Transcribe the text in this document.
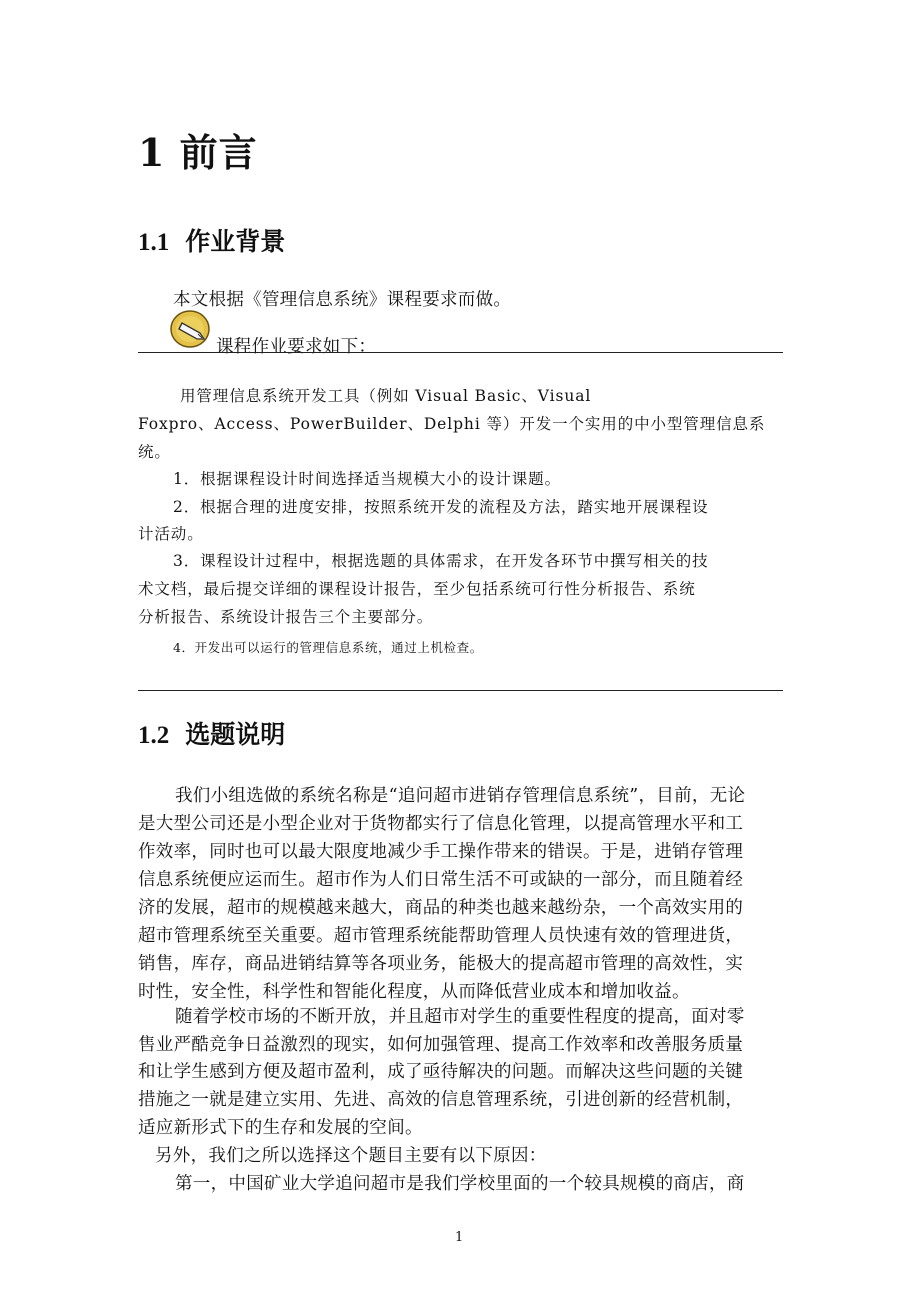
1 前言
1.1 作业背景
本文根据《管理信息系统》课程要求而做。
课程作业要求如下：
用管理信息系统开发工具（例如 Visual Basic、Visual
Foxpro、Access、PowerBuilder、Delphi 等）开发一个实用的中小型管理信息系
统。
1．根据课程设计时间选择适当规模大小的设计课题。
2．根据合理的进度安排，按照系统开发的流程及方法，踏实地开展课程设
计活动。
3．课程设计过程中，根据选题的具体需求，在开发各环节中撰写相关的技
术文档，最后提交详细的课程设计报告，至少包括系统可行性分析报告、系统
分析报告、系统设计报告三个主要部分。
4．开发出可以运行的管理信息系统，通过上机检查。
1.2 选题说明
我们小组选做的系统名称是“追问超市进销存管理信息系统”，目前，无论
是大型公司还是小型企业对于货物都实行了信息化管理，以提高管理水平和工
作效率，同时也可以最大限度地减少手工操作带来的错误。于是，进销存管理
信息系统便应运而生。超市作为人们日常生活不可或缺的一部分，而且随着经
济的发展，超市的规模越来越大，商品的种类也越来越纷杂，一个高效实用的
超市管理系统至关重要。超市管理系统能帮助管理人员快速有效的管理进货，
销售，库存，商品进销结算等各项业务，能极大的提高超市管理的高效性，实
时性，安全性，科学性和智能化程度，从而降低营业成本和增加收益。
随着学校市场的不断开放，并且超市对学生的重要性程度的提高，面对零
售业严酷竞争日益激烈的现实，如何加强管理、提高工作效率和改善服务质量
和让学生感到方便及超市盈利，成了亟待解决的问题。而解决这些问题的关键
措施之一就是建立实用、先进、高效的信息管理系统，引进创新的经营机制，
适应新形式下的生存和发展的空间。
另外，我们之所以选择这个题目主要有以下原因：
第一，中国矿业大学追问超市是我们学校里面的一个较具规模的商店，商
1
